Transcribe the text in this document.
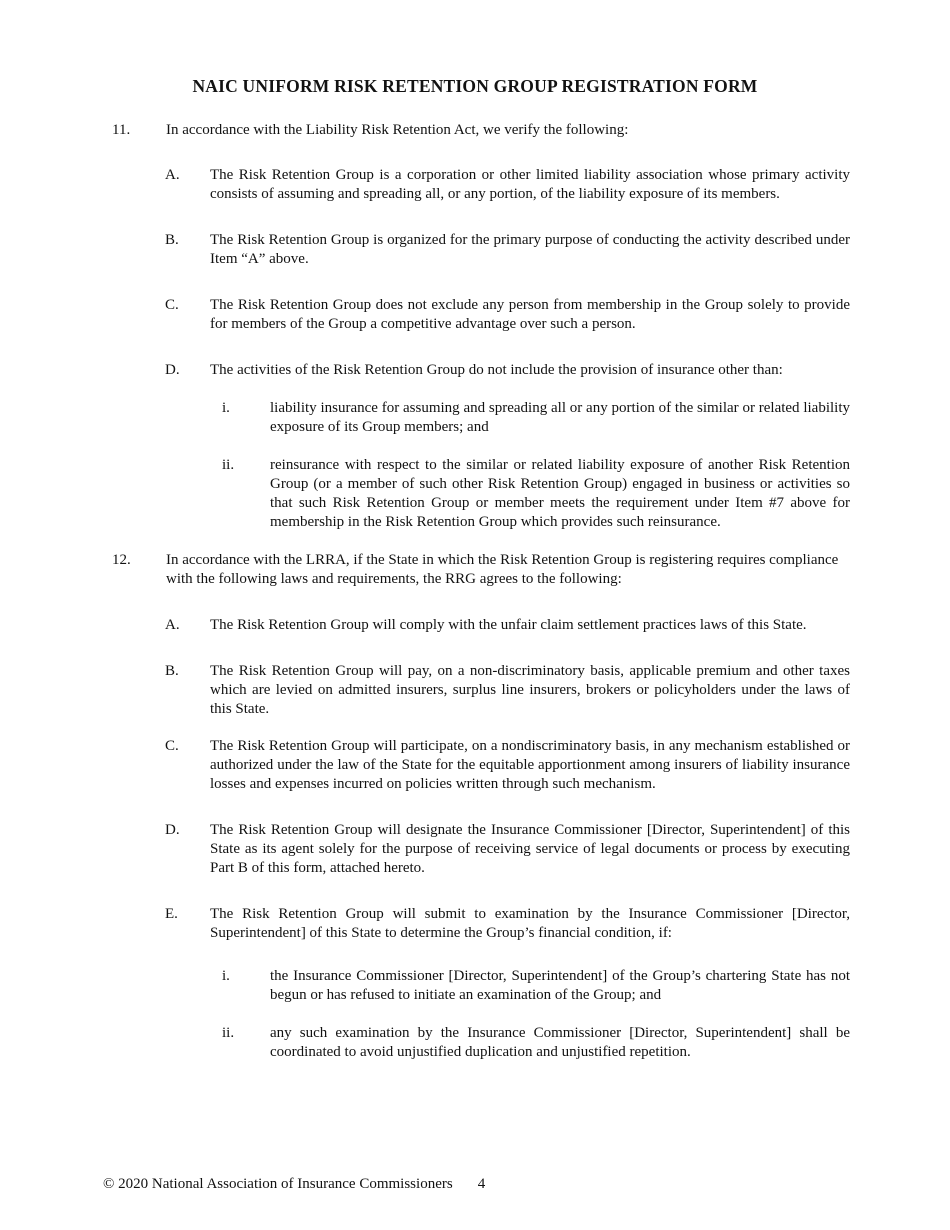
NAIC UNIFORM RISK RETENTION GROUP REGISTRATION FORM
11.	In accordance with the Liability Risk Retention Act, we verify the following:

A.	The Risk Retention Group is a corporation or other limited liability association whose primary activity consists of assuming and spreading all, or any portion, of the liability exposure of its members.

B.	The Risk Retention Group is organized for the primary purpose of conducting the activity described under Item “A” above.

C.	The Risk Retention Group does not exclude any person from membership in the Group solely to provide for members of the Group a competitive advantage over such a person.

D.	The activities of the Risk Retention Group do not include the provision of insurance other than:

i.	liability insurance for assuming and spreading all or any portion of the similar or related liability exposure of its Group members; and

ii.	reinsurance with respect to the similar or related liability exposure of another Risk Retention Group (or a member of such other Risk Retention Group) engaged in business or activities so that such Risk Retention Group or member meets the requirement under Item #7 above for membership in the Risk Retention Group which provides such reinsurance.

12.	In accordance with the LRRA, if the State in which the Risk Retention Group is registering requires compliance with the following laws and requirements, the RRG agrees to the following:

A.	The Risk Retention Group will comply with the unfair claim settlement practices laws of this State.

B.	The Risk Retention Group will pay, on a non-discriminatory basis, applicable premium and other taxes which are levied on admitted insurers, surplus line insurers, brokers or policyholders under the laws of this State.

C.	The Risk Retention Group will participate, on a nondiscriminatory basis, in any mechanism established or authorized under the law of the State for the equitable apportionment among insurers of liability insurance losses and expenses incurred on policies written through such mechanism.

D.	The Risk Retention Group will designate the Insurance Commissioner [Director, Superintendent] of this State as its agent solely for the purpose of receiving service of legal documents or process by executing Part B of this form, attached hereto.

E.	The Risk Retention Group will submit to examination by the Insurance Commissioner [Director, Superintendent] of this State to determine the Group’s financial condition, if:

i.	the Insurance Commissioner [Director, Superintendent] of the Group’s chartering State has not begun or has refused to initiate an examination of the Group; and

ii.	any such examination by the Insurance Commissioner [Director, Superintendent] shall be coordinated to avoid unjustified duplication and unjustified repetition.

© 2020 National Association of Insurance Commissioners 4
